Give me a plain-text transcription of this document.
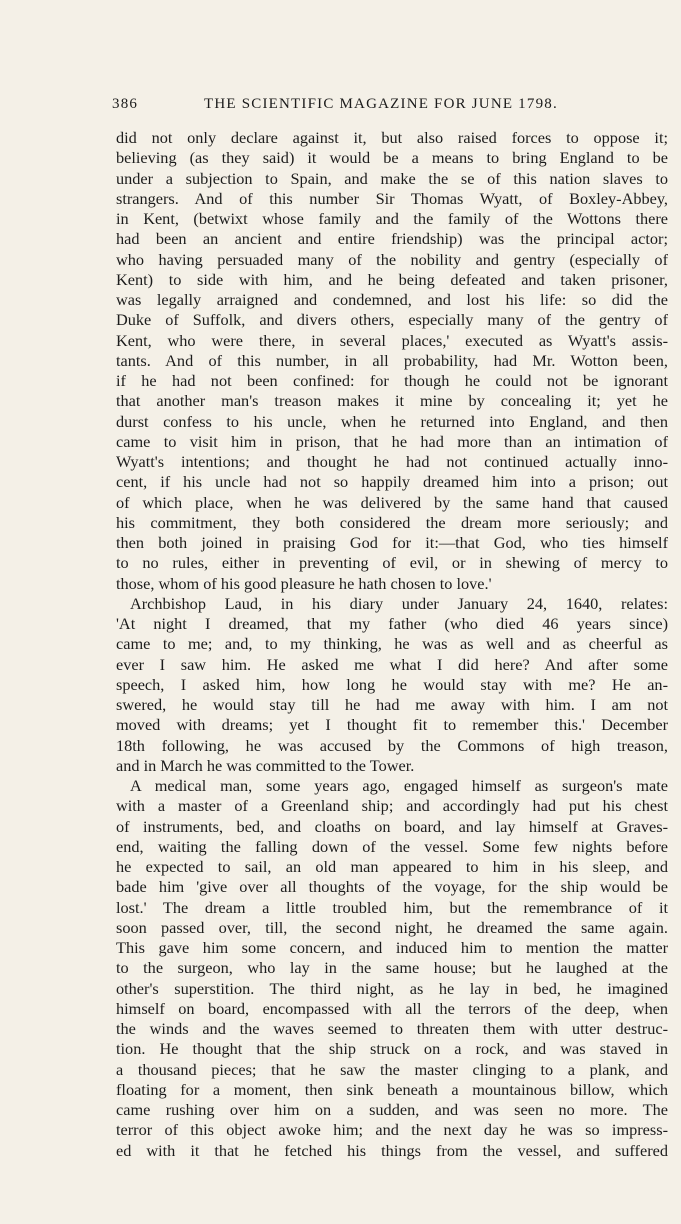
386	THE SCIENTIFIC MAGAZINE FOR JUNE 1798.
did not only declare against it, but also raised forces to oppose it;
believing (as they said) it would be a means to bring England to be
under a subjection to Spain, and make the se of this nation slaves to
strangers. And of this number Sir Thomas Wyatt, of Boxley-Abbey,
in Kent, (betwixt whose family and the family of the Wottons there
had been an ancient and entire friendship) was the principal actor;
who having persuaded many of the nobility and gentry (especially of
Kent) to side with him, and he being defeated and taken prisoner,
was legally arraigned and condemned, and lost his life: so did the
Duke of Suffolk, and divers others, especially many of the gentry of
Kent, who were there, in several places,' executed as Wyatt's assis-
tants. And of this number, in all probability, had Mr. Wotton been,
if he had not been confined: for though he could not be ignorant
that another man's treason makes it mine by concealing it; yet he
durst confess to his uncle, when he returned into England, and then
came to visit him in prison, that he had more than an intimation of
Wyatt's intentions; and thought he had not continued actually inno-
cent, if his uncle had not so happily dreamed him into a prison; out
of which place, when he was delivered by the same hand that caused
his commitment, they both considered the dream more seriously; and
then both joined in praising God for it:—that God, who ties himself
to no rules, either in preventing of evil, or in shewing of mercy to
those, whom of his good pleasure he hath chosen to love.'
Archbishop Laud, in his diary under January 24, 1640, relates:
'At night I dreamed, that my father (who died 46 years since)
came to me; and, to my thinking, he was as well and as cheerful as
ever I saw him. He asked me what I did here? And after some
speech, I asked him, how long he would stay with me? He an-
swered, he would stay till he had me away with him. I am not
moved with dreams; yet I thought fit to remember this.' December
18th following, he was accused by the Commons of high treason,
and in March he was committed to the Tower.
A medical man, some years ago, engaged himself as surgeon's mate
with a master of a Greenland ship; and accordingly had put his chest
of instruments, bed, and cloaths on board, and lay himself at Graves-
end, waiting the falling down of the vessel. Some few nights before
he expected to sail, an old man appeared to him in his sleep, and
bade him 'give over all thoughts of the voyage, for the ship would be
lost.' The dream a little troubled him, but the remembrance of it
soon passed over, till, the second night, he dreamed the same again.
This gave him some concern, and induced him to mention the matter
to the surgeon, who lay in the same house; but he laughed at the
other's superstition. The third night, as he lay in bed, he imagined
himself on board, encompassed with all the terrors of the deep, when
the winds and the waves seemed to threaten them with utter destruc-
tion. He thought that the ship struck on a rock, and was staved in
a thousand pieces; that he saw the master clinging to a plank, and
floating for a moment, then sink beneath a mountainous billow, which
came rushing over him on a sudden, and was seen no more. The
terror of this object awoke him; and the next day he was so impress-
ed with it that he fetched his things from the vessel, and suffered
